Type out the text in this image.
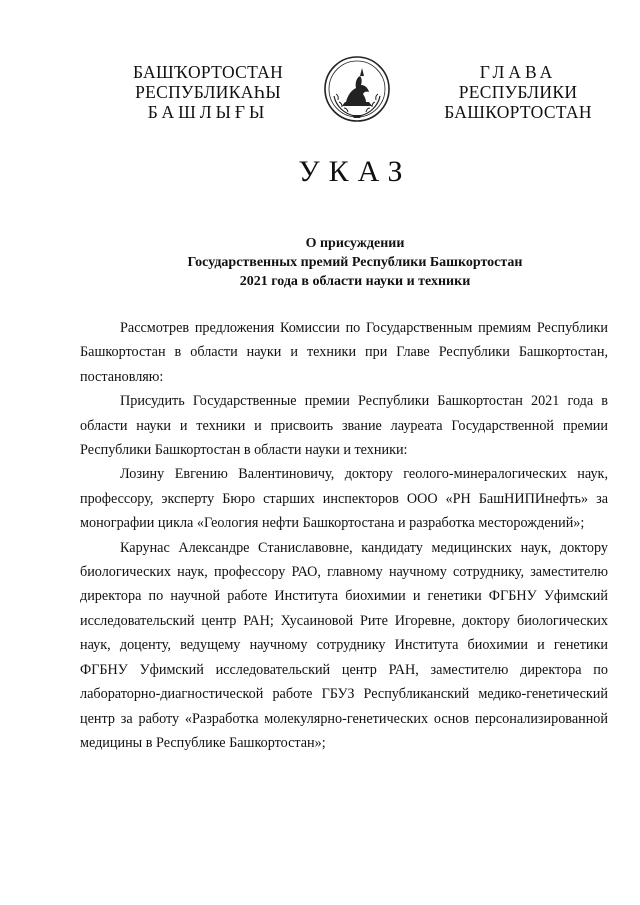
БАШҠОРТОСТАН
РЕСПУБЛИКАҺЫ
БАШЛЫҒЫ
ГЛАВА
РЕСПУБЛИКИ
БАШКОРТОСТАН
УКАЗ
О присуждении
Государственных премий Республики Башкортостан
2021 года в области науки и техники

Рассмотрев предложения Комиссии по Государственным премиям Республики Башкортостан в области науки и техники при Главе Республики Башкортостан, постановляю:

Присудить Государственные премии Республики Башкортостан 2021 года в области науки и техники и присвоить звание лауреата Государственной премии Республики Башкортостан в области науки и техники:

Лозину Евгению Валентиновичу, доктору геолого-минералогических наук, профессору, эксперту Бюро старших инспекторов ООО «РН БашНИПИнефть» за монографии цикла «Геология нефти Башкортостана и разработка месторождений»;

Карунас Александре Станиславовне, кандидату медицинских наук, доктору биологических наук, профессору РАО, главному научному сотруднику, заместителю директора по научной работе Института биохимии и генетики ФГБНУ Уфимский исследовательский центр РАН; Хусаиновой Рите Игоревне, доктору биологических наук, доценту, ведущему научному сотруднику Института биохимии и генетики ФГБНУ Уфимский исследовательский центр РАН, заместителю директора по лабораторно-диагностической работе ГБУЗ Республиканский медико-генетический центр за работу «Разработка молекулярно-генетических основ персонализированной медицины в Республике Башкортостан»;
